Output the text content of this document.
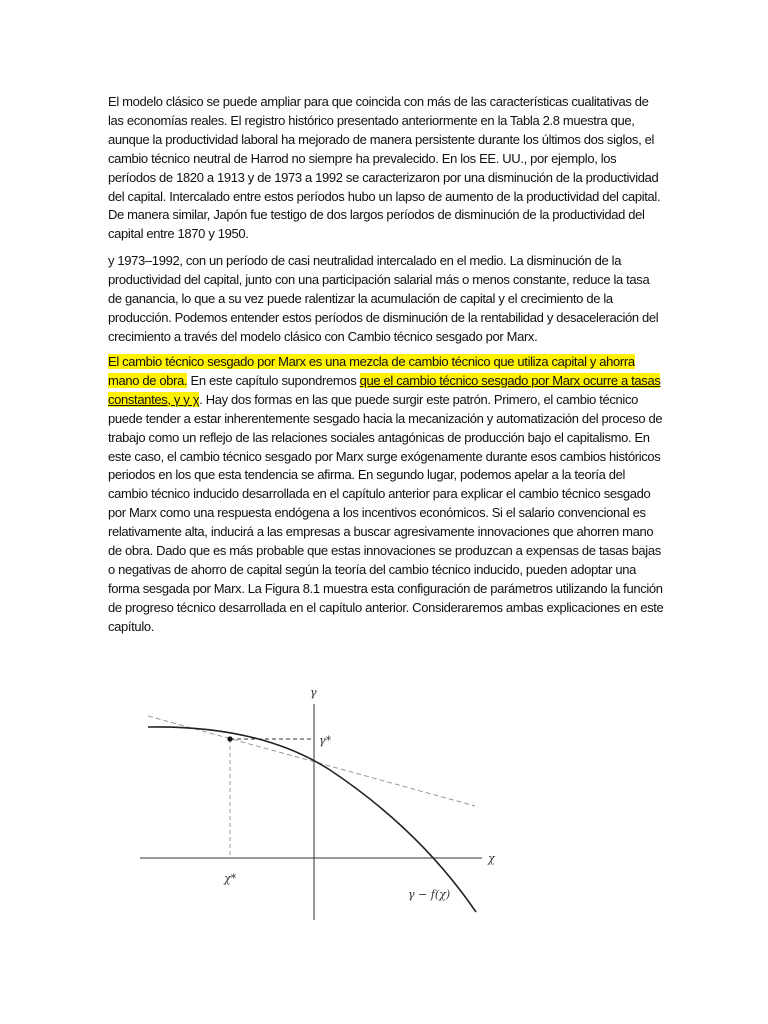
El modelo clásico se puede ampliar para que coincida con más de las características cualitativas de las economías reales. El registro histórico presentado anteriormente en la Tabla 2.8 muestra que, aunque la productividad laboral ha mejorado de manera persistente durante los últimos dos siglos, el cambio técnico neutral de Harrod no siempre ha prevalecido. En los EE. UU., por ejemplo, los períodos de 1820 a 1913 y de 1973 a 1992 se caracterizaron por una disminución de la productividad del capital. Intercalado entre estos períodos hubo un lapso de aumento de la productividad del capital. De manera similar, Japón fue testigo de dos largos períodos de disminución de la productividad del capital entre 1870 y 1950.

y 1973–1992, con un período de casi neutralidad intercalado en el medio. La disminución de la productividad del capital, junto con una participación salarial más o menos constante, reduce la tasa de ganancia, lo que a su vez puede ralentizar la acumulación de capital y el crecimiento de la producción. Podemos entender estos períodos de disminución de la rentabilidad y desaceleración del crecimiento a través del modelo clásico con Cambio técnico sesgado por Marx.

El cambio técnico sesgado por Marx es una mezcla de cambio técnico que utiliza capital y ahorra mano de obra. En este capítulo supondremos que el cambio técnico sesgado por Marx ocurre a tasas constantes, γ y χ. Hay dos formas en las que puede surgir este patrón. Primero, el cambio técnico puede tender a estar inherentemente sesgado hacia la mecanización y automatización del proceso de trabajo como un reflejo de las relaciones sociales antagónicas de producción bajo el capitalismo. En este caso, el cambio técnico sesgado por Marx surge exógenamente durante esos cambios históricos periodos en los que esta tendencia se afirma. En segundo lugar, podemos apelar a la teoría del cambio técnico inducido desarrollada en el capítulo anterior para explicar el cambio técnico sesgado por Marx como una respuesta endógena a los incentivos económicos. Si el salario convencional es relativamente alta, inducirá a las empresas a buscar agresivamente innovaciones que ahorren mano de obra. Dado que es más probable que estas innovaciones se produzcan a expensas de tasas bajas o negativas de ahorro de capital según la teoría del cambio técnico inducido, pueden adoptar una forma sesgada por Marx. La Figura 8.1 muestra esta configuración de parámetros utilizando la función de progreso técnico desarrollada en el capítulo anterior. Consideraremos ambas explicaciones en este capítulo.

γ
χ
γ*
χ*
γ − f(χ)
